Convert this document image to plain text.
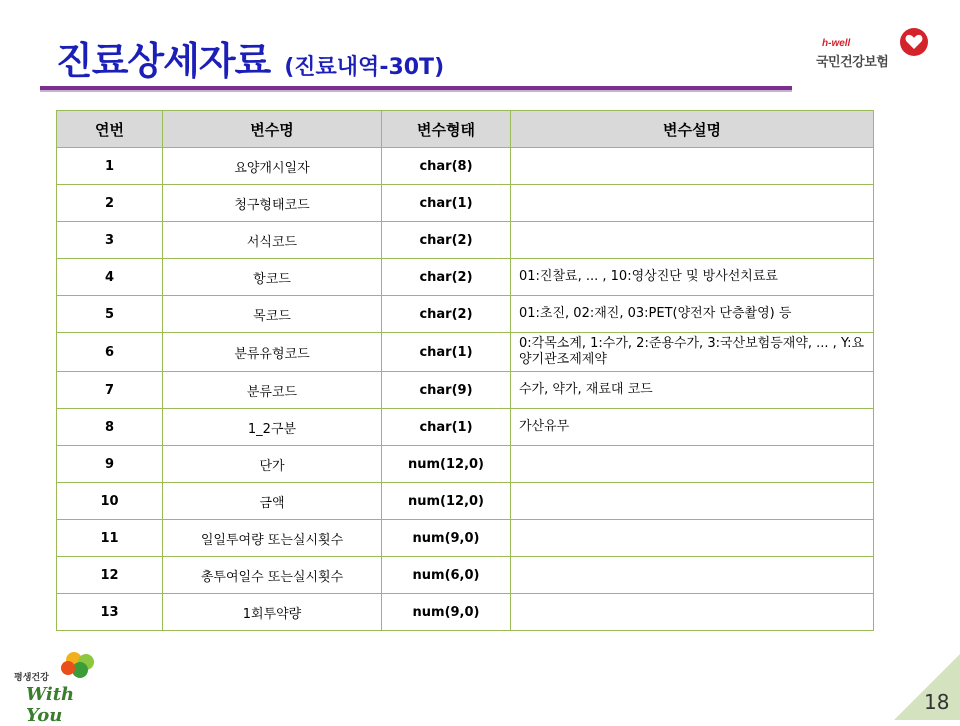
진료상세자료 (진료내역-30T)
h-well
국민건강보험
연번	변수명	변수형태	변수설명
1	요양개시일자	char(8)	
2	청구형태코드	char(1)	
3	서식코드	char(2)	
4	항코드	char(2)	01:진찰료, ... , 10:영상진단 및 방사선치료료
5	목코드	char(2)	01:초진, 02:재진, 03:PET(양전자 단층촬영) 등
6	분류유형코드	char(1)	0:각목소계, 1:수가, 2:준용수가, 3:국산보험등재약, ... , Y:요양기관조제제약
7	분류코드	char(9)	수가, 약가, 재료대 코드
8	1_2구분	char(1)	가산유무
9	단가	num(12,0)	
10	금액	num(12,0)	
11	일일투여량 또는실시횟수	num(9,0)	
12	총투여일수 또는실시횟수	num(6,0)	
13	1회투약량	num(9,0)	
평생건강
With You
18
